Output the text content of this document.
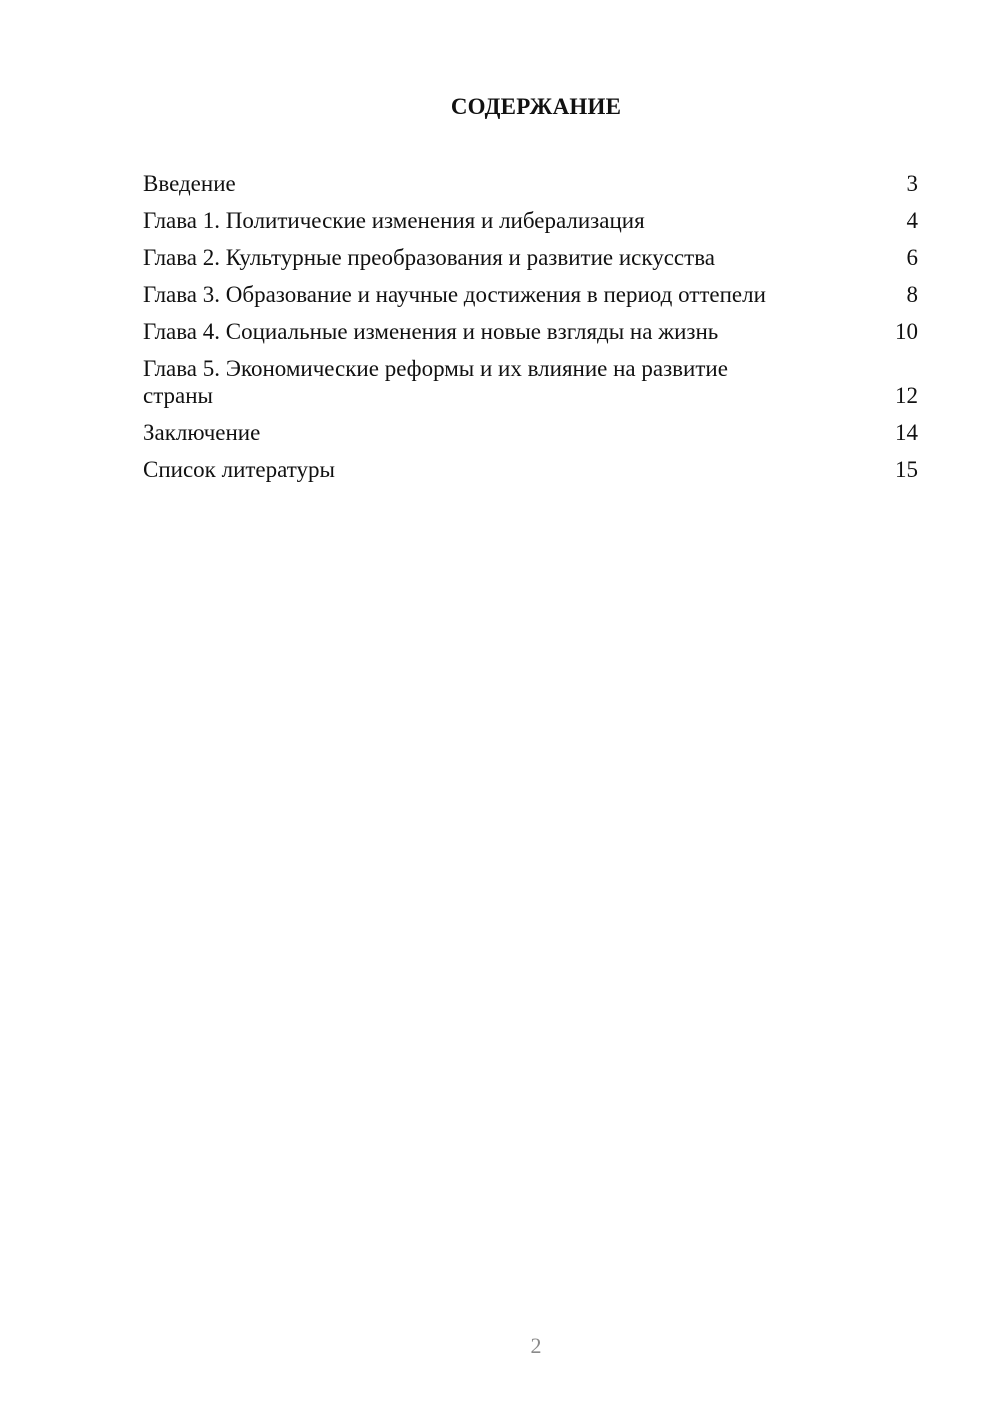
СОДЕРЖАНИЕ
Введение	3
Глава 1. Политические изменения и либерализация	4
Глава 2. Культурные преобразования и развитие искусства	6
Глава 3. Образование и научные достижения в период оттепели	8
Глава 4. Социальные изменения и новые взгляды на жизнь	10
Глава 5. Экономические реформы и их влияние на развитие страны	12
Заключение	14
Список литературы	15
2
